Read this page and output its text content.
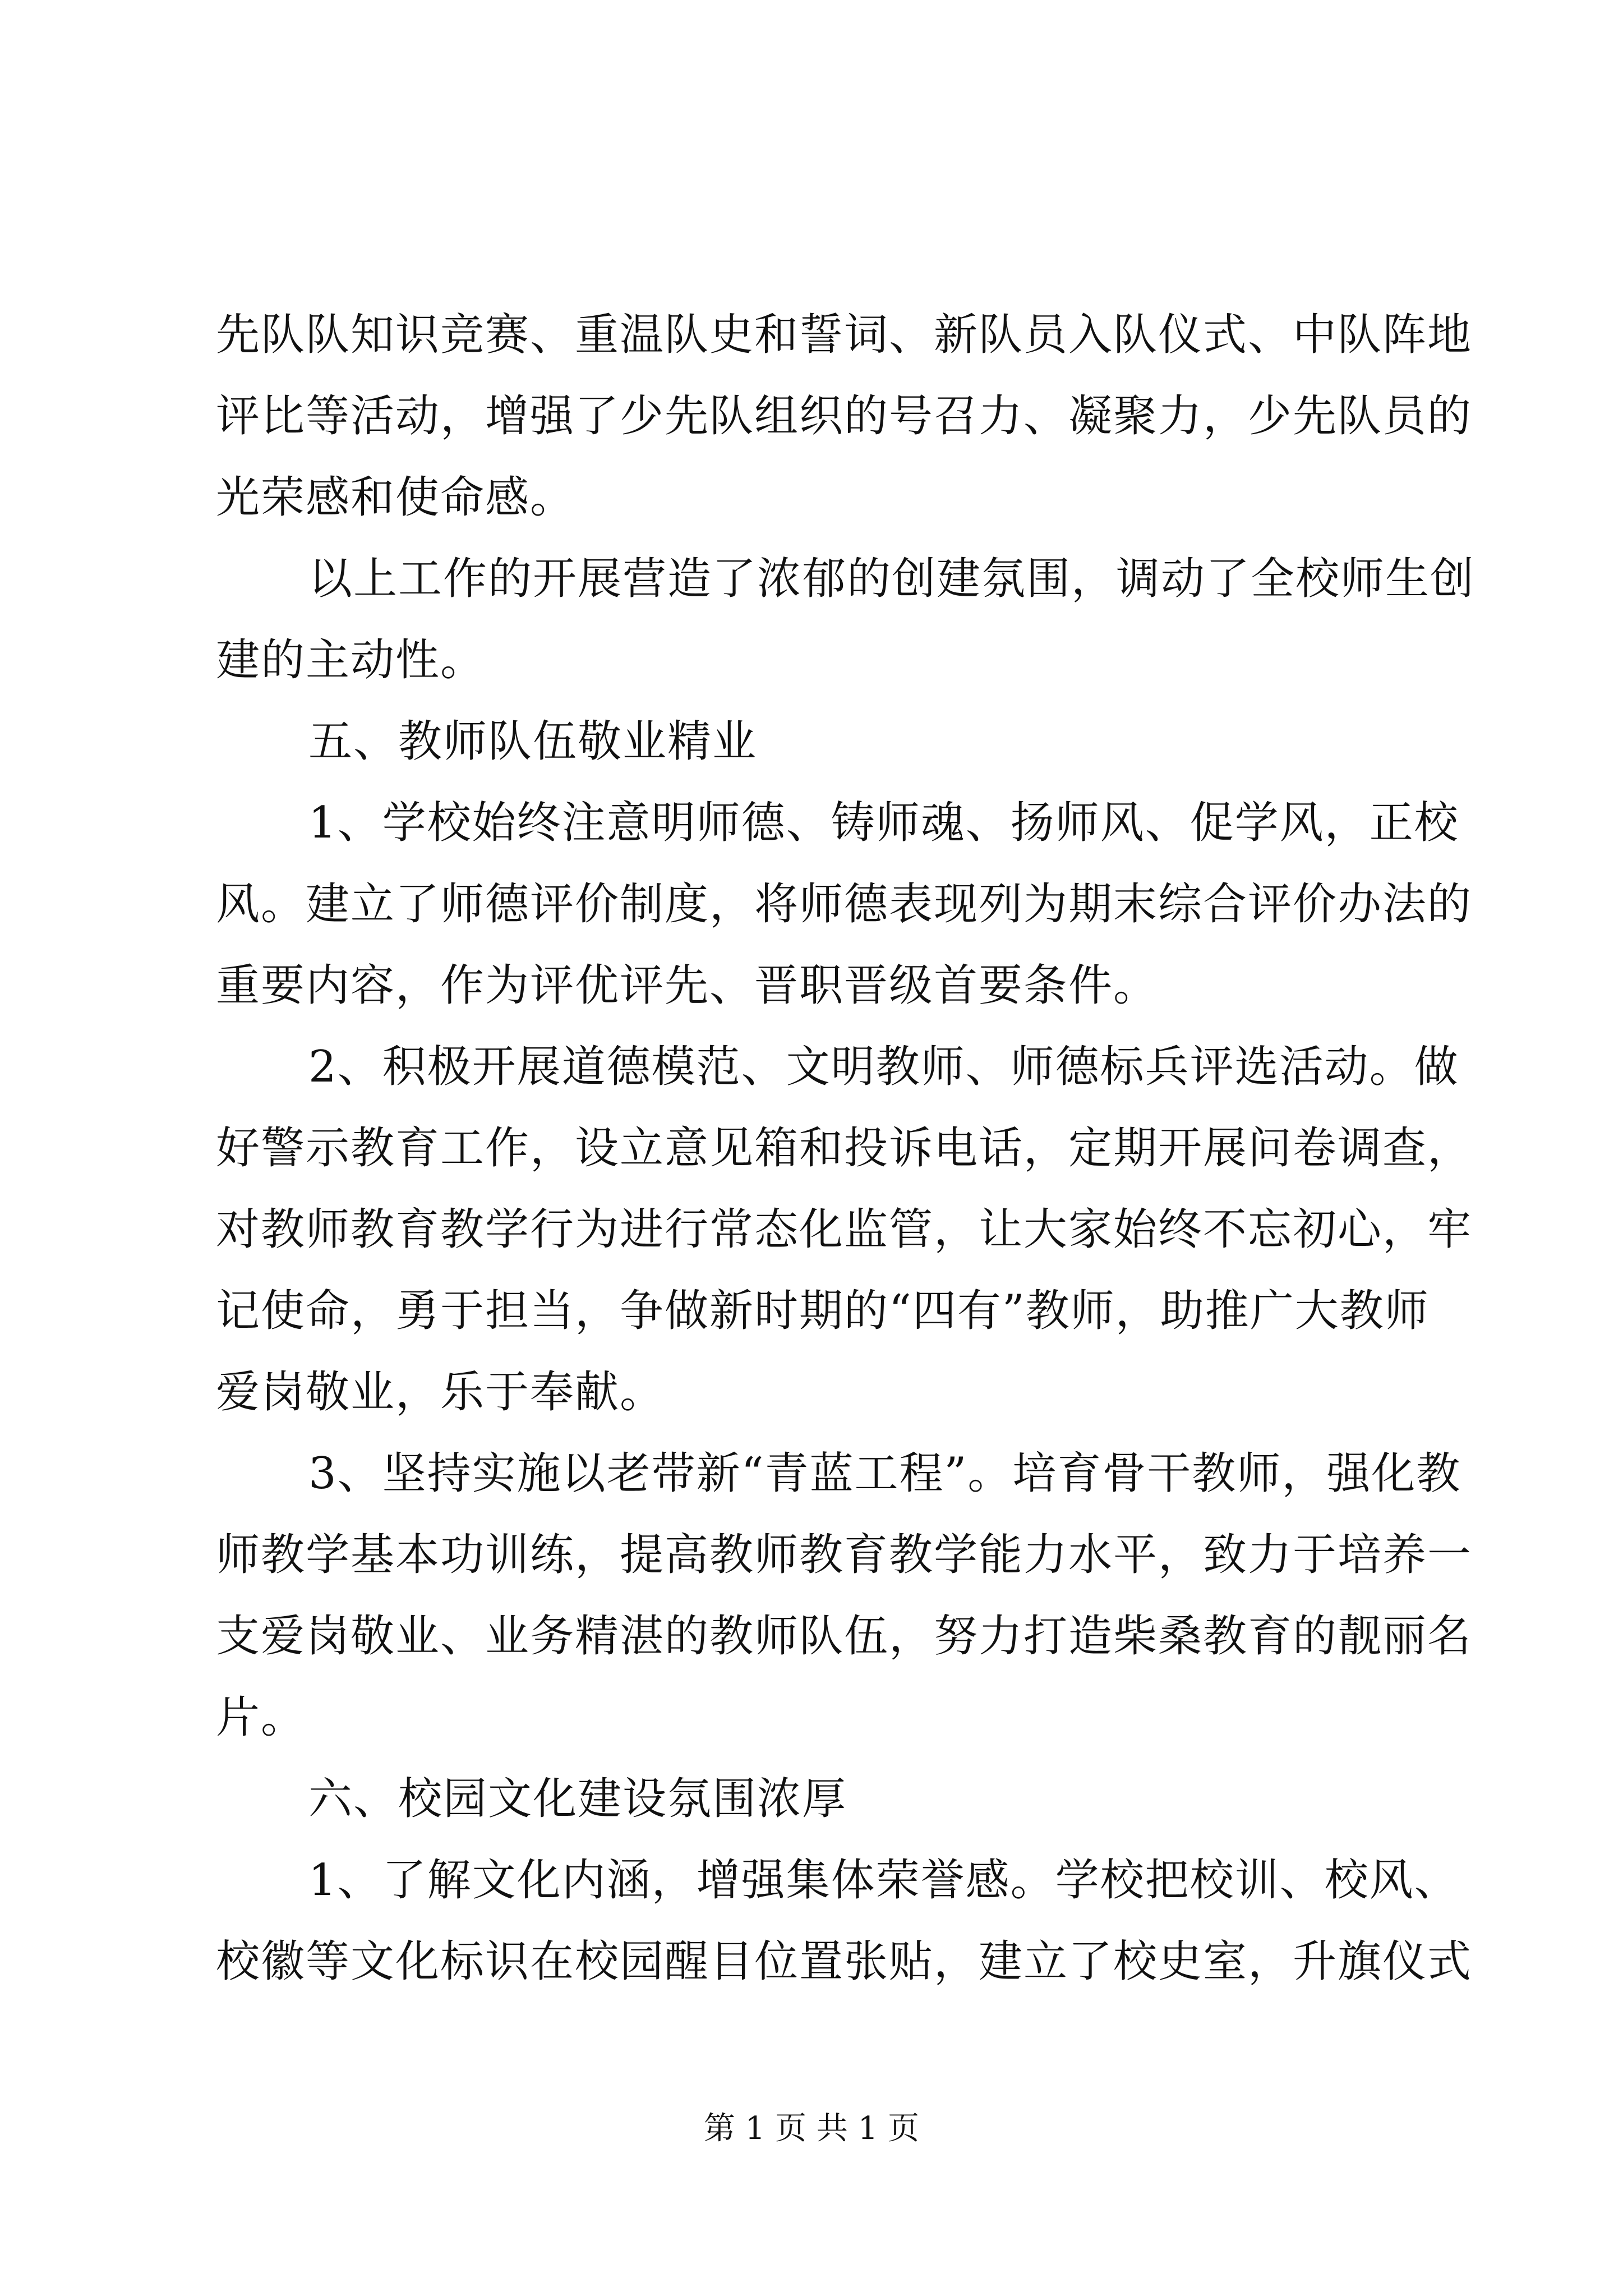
先队队知识竞赛、重温队史和誓词、新队员入队仪式、中队阵地
评比等活动，增强了少先队组织的号召力、凝聚力，少先队员的
光荣感和使命感。
以上工作的开展营造了浓郁的创建氛围，调动了全校师生创
建的主动性。
五、教师队伍敬业精业
1、学校始终注意明师德、铸师魂、扬师风、促学风，正校
风。建立了师德评价制度，将师德表现列为期末综合评价办法的
重要内容，作为评优评先、晋职晋级首要条件。
2、积极开展道德模范、文明教师、师德标兵评选活动。做
好警示教育工作，设立意见箱和投诉电话，定期开展问卷调查，
对教师教育教学行为进行常态化监管，让大家始终不忘初心，牢
记使命，勇于担当，争做新时期的“四有”教师，助推广大教师
爱岗敬业，乐于奉献。
3、坚持实施以老带新“青蓝工程”。培育骨干教师，强化教
师教学基本功训练，提高教师教育教学能力水平，致力于培养一
支爱岗敬业、业务精湛的教师队伍，努力打造柴桑教育的靓丽名
片。
六、校园文化建设氛围浓厚
1、了解文化内涵，增强集体荣誉感。学校把校训、校风、
校徽等文化标识在校园醒目位置张贴，建立了校史室，升旗仪式
第 1 页 共 1 页
